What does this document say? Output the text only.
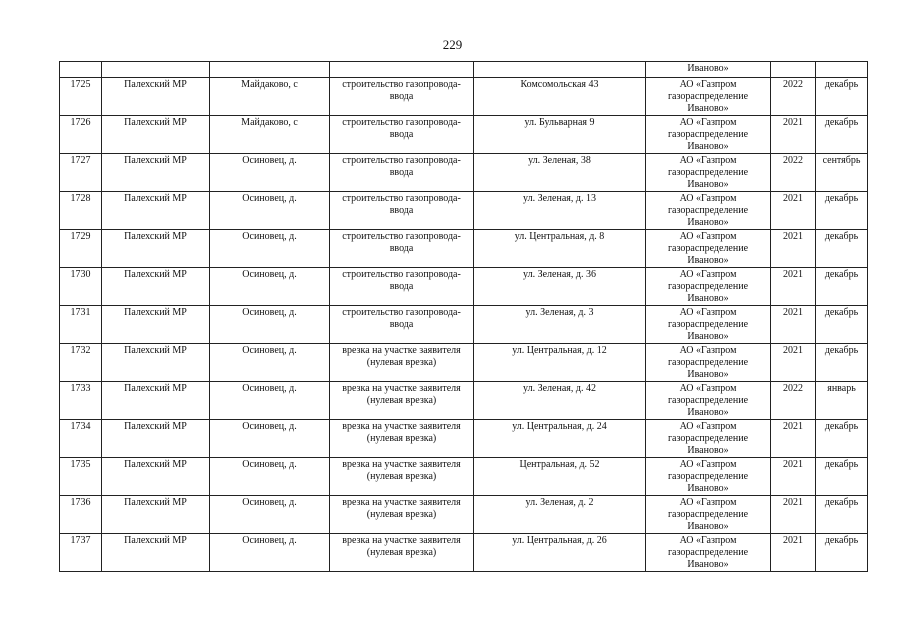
229
					Иваново»		
1725	Палехский МР	Майдаково, с	строительство газопровода-ввода	Комсомольская 43	АО «Газпром газораспределение Иваново»	2022	декабрь
1726	Палехский МР	Майдаково, с	строительство газопровода-ввода	ул. Бульварная 9	АО «Газпром газораспределение Иваново»	2021	декабрь
1727	Палехский МР	Осиновец, д.	строительство газопровода-ввода	ул. Зеленая, 38	АО «Газпром газораспределение Иваново»	2022	сентябрь
1728	Палехский МР	Осиновец, д.	строительство газопровода-ввода	ул. Зеленая, д. 13	АО «Газпром газораспределение Иваново»	2021	декабрь
1729	Палехский МР	Осиновец, д.	строительство газопровода-ввода	ул. Центральная, д. 8	АО «Газпром газораспределение Иваново»	2021	декабрь
1730	Палехский МР	Осиновец, д.	строительство газопровода-ввода	ул. Зеленая, д. 36	АО «Газпром газораспределение Иваново»	2021	декабрь
1731	Палехский МР	Осиновец, д.	строительство газопровода-ввода	ул. Зеленая, д. 3	АО «Газпром газораспределение Иваново»	2021	декабрь
1732	Палехский МР	Осиновец, д.	врезка на участке заявителя (нулевая врезка)	ул. Центральная, д. 12	АО «Газпром газораспределение Иваново»	2021	декабрь
1733	Палехский МР	Осиновец, д.	врезка на участке заявителя (нулевая врезка)	ул. Зеленая, д. 42	АО «Газпром газораспределение Иваново»	2022	январь
1734	Палехский МР	Осиновец, д.	врезка на участке заявителя (нулевая врезка)	ул. Центральная, д. 24	АО «Газпром газораспределение Иваново»	2021	декабрь
1735	Палехский МР	Осиновец, д.	врезка на участке заявителя (нулевая врезка)	Центральная, д. 52	АО «Газпром газораспределение Иваново»	2021	декабрь
1736	Палехский МР	Осиновец, д.	врезка на участке заявителя (нулевая врезка)	ул. Зеленая, д. 2	АО «Газпром газораспределение Иваново»	2021	декабрь
1737	Палехский МР	Осиновец, д.	врезка на участке заявителя (нулевая врезка)	ул. Центральная, д. 26	АО «Газпром газораспределение Иваново»	2021	декабрь
